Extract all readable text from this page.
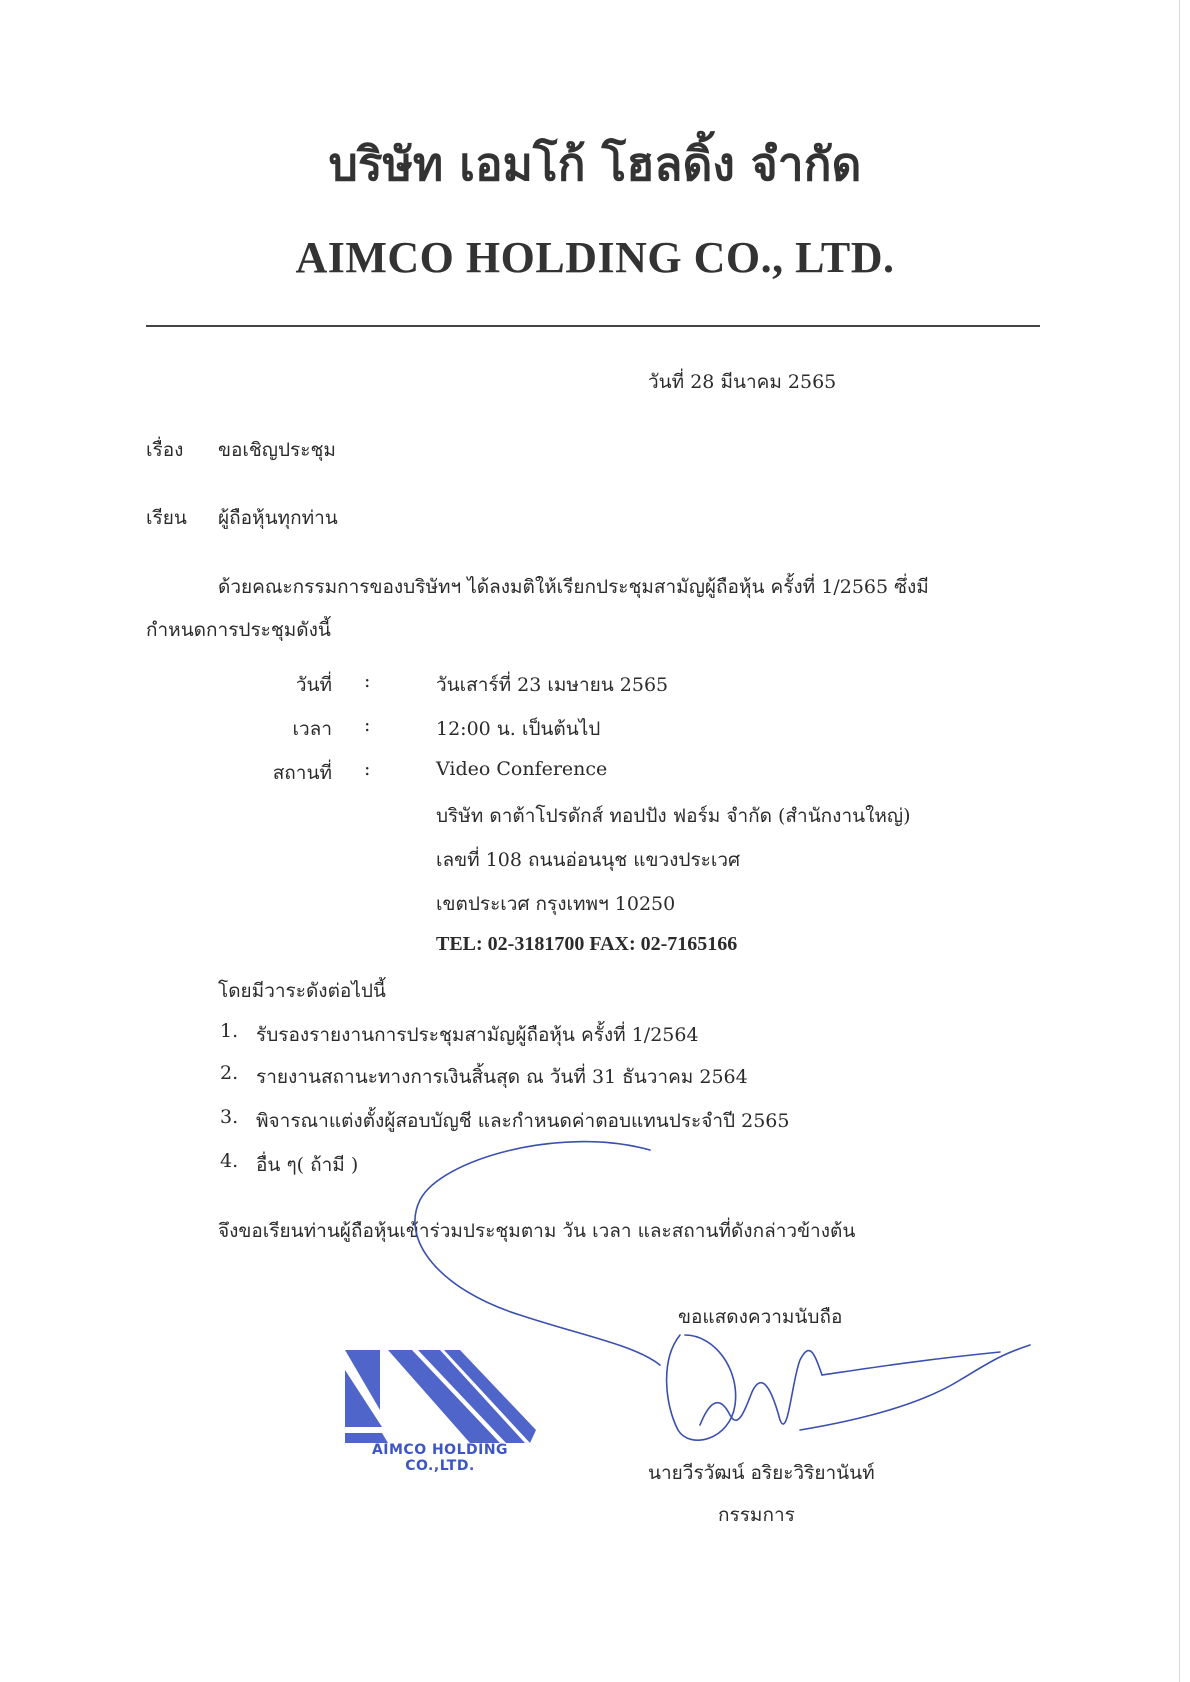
บริษัท เอมโก้ โฮลดิ้ง จำกัด
AIMCO HOLDING CO., LTD.
วันที่ 28 มีนาคม 2565
เรื่อง ขอเชิญประชุม
เรียน ผู้ถือหุ้นทุกท่าน
ด้วยคณะกรรมการของบริษัทฯ ได้ลงมติให้เรียกประชุมสามัญผู้ถือหุ้น ครั้งที่ 1/2565 ซึ่งมี
กำหนดการประชุมดังนี้
วันที่ :	วันเสาร์ที่ 23 เมษายน 2565
เวลา :	12:00 น. เป็นต้นไป
สถานที่ :	Video Conference
บริษัท ดาต้าโปรดักส์ ทอปปัง ฟอร์ม จำกัด (สำนักงานใหญ่)
เลขที่ 108 ถนนอ่อนนุช แขวงประเวศ
เขตประเวศ กรุงเทพฯ 10250
TEL: 02-3181700 FAX: 02-7165166
โดยมีวาระดังต่อไปนี้
1. รับรองรายงานการประชุมสามัญผู้ถือหุ้น ครั้งที่ 1/2564
2. รายงานสถานะทางการเงินสิ้นสุด ณ วันที่ 31 ธันวาคม 2564
3. พิจารณาแต่งตั้งผู้สอบบัญชี และกำหนดค่าตอบแทนประจำปี 2565
4. อื่น ๆ( ถ้ามี )
จึงขอเรียนท่านผู้ถือหุ้นเข้าร่วมประชุมตาม วัน เวลา และสถานที่ดังกล่าวข้างต้น
ขอแสดงความนับถือ
นายวีรวัฒน์ อริยะวิริยานันท์
กรรมการ
AIMCO HOLDING CO.,LTD.
